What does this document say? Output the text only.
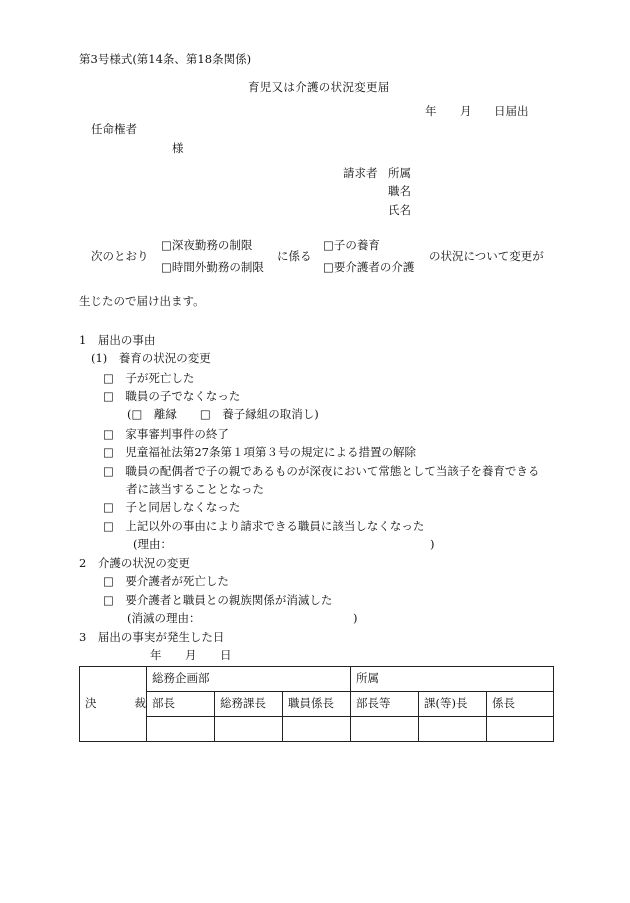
第3号様式(第14条、第18条関係)
育児又は介護の状況変更届
年 月 日届出
任命権者
様
請求者 所属
職名
氏名
次のとおり
□深夜勤務の制限
□時間外勤務の制限
に係る
□子の養育
□要介護者の介護
の状況について変更が
生じたので届け出ます。
1　届出の事由
(1)　養育の状況の変更
□　子が死亡した
□　職員の子でなくなった
(□　離縁　　□　養子縁組の取消し)
□　家事審判事件の終了
□　児童福祉法第27条第１項第３号の規定による措置の解除
□　職員の配偶者で子の親であるものが深夜において常態として当該子を養育できる
者に該当することとなった
□　子と同居しなくなった
□　上記以外の事由により請求できる職員に該当しなくなった
(理由：	)
2　介護の状況の変更
□　要介護者が死亡した
□　要介護者と職員との親族関係が消滅した
(消滅の理由：	)
3　届出の事実が発生した日
年 月 日
決 裁	総務企画部			所属		
	部長	総務課長	職員係長	部長等	課(等)長	係長
